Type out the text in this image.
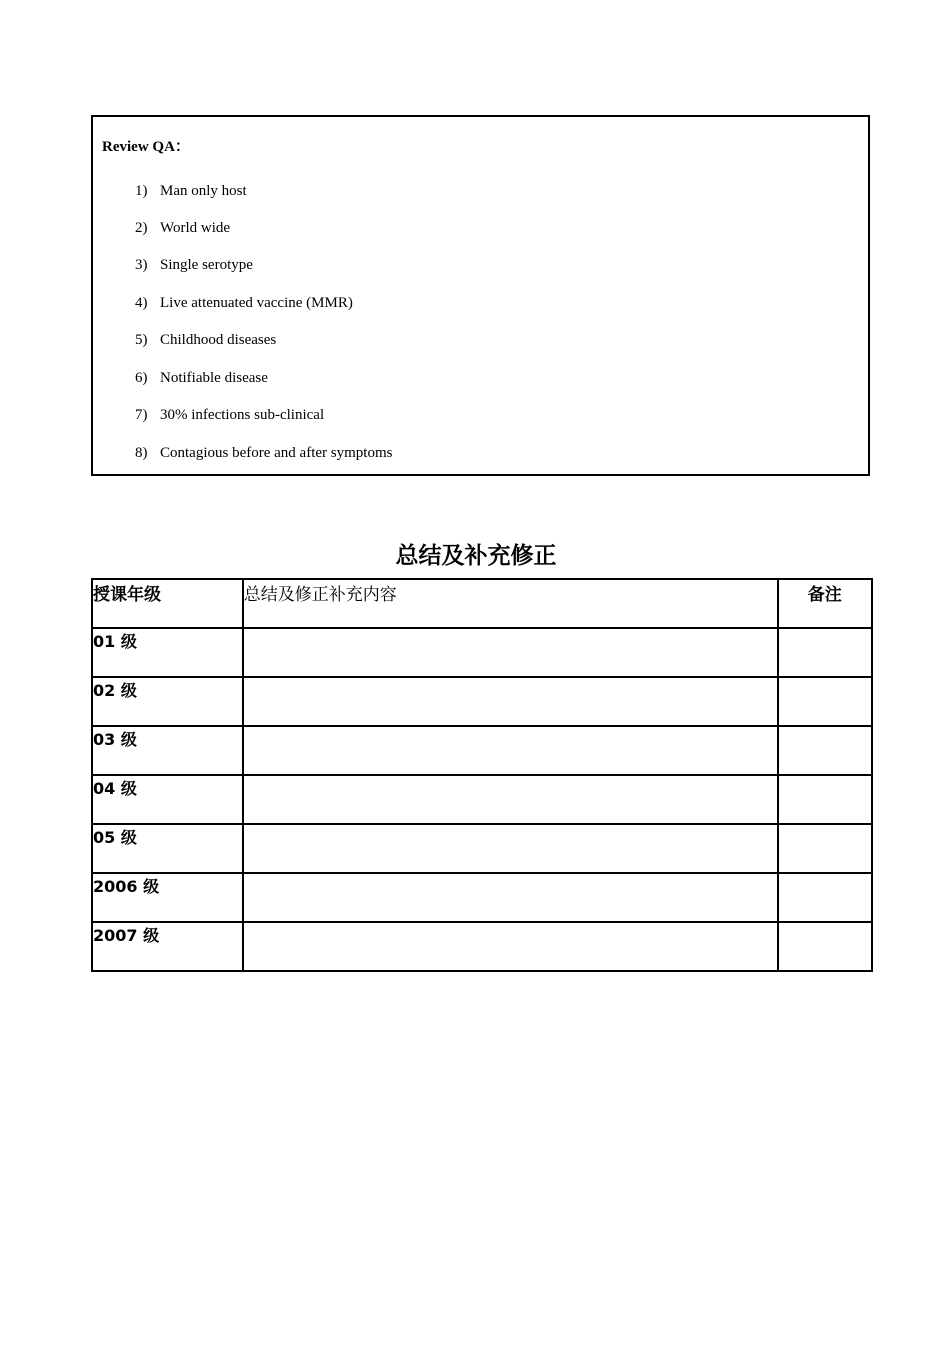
Review QA：
1) Man only host
2) World wide
3) Single serotype
4) Live attenuated vaccine (MMR)
5) Childhood diseases
6) Notifiable disease
7) 30% infections sub-clinical
8) Contagious before and after symptoms
总结及补充修正
授课年级	总结及修正补充内容	备注
01 级		
02 级		
03 级		
04 级		
05 级		
2006 级		
2007 级		
